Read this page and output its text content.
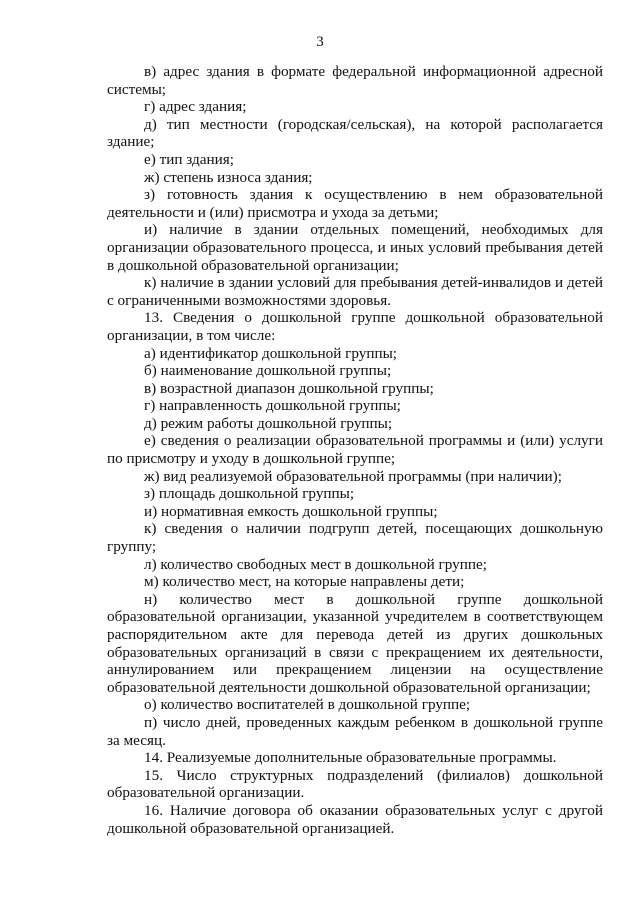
3

в) адрес здания в формате федеральной информационной адресной системы;

г) адрес здания;

д) тип местности (городская/сельская), на которой располагается здание;

е) тип здания;

ж) степень износа здания;

з) готовность здания к осуществлению в нем образовательной деятельности и (или) присмотра и ухода за детьми;

и) наличие в здании отдельных помещений, необходимых для организации образовательного процесса, и иных условий пребывания детей в дошкольной образовательной организации;

к) наличие в здании условий для пребывания детей-инвалидов и детей с ограниченными возможностями здоровья.

13. Сведения о дошкольной группе дошкольной образовательной организации, в том числе:

а) идентификатор дошкольной группы;

б) наименование дошкольной группы;

в) возрастной диапазон дошкольной группы;

г) направленность дошкольной группы;

д) режим работы дошкольной группы;

е) сведения о реализации образовательной программы и (или) услуги по присмотру и уходу в дошкольной группе;

ж) вид реализуемой образовательной программы (при наличии);

з) площадь дошкольной группы;

и) нормативная емкость дошкольной группы;

к) сведения о наличии подгрупп детей, посещающих дошкольную группу;

л) количество свободных мест в дошкольной группе;

м) количество мест, на которые направлены дети;

н) количество мест в дошкольной группе дошкольной образовательной организации, указанной учредителем в соответствующем распорядительном акте для перевода детей из других дошкольных образовательных организаций в связи с прекращением их деятельности, аннулированием или прекращением лицензии на осуществление образовательной деятельности дошкольной образовательной организации;

о) количество воспитателей в дошкольной группе;

п) число дней, проведенных каждым ребенком в дошкольной группе за месяц.

14. Реализуемые дополнительные образовательные программы.

15. Число структурных подразделений (филиалов) дошкольной образовательной организации.

16. Наличие договора об оказании образовательных услуг с другой дошкольной образовательной организацией.
